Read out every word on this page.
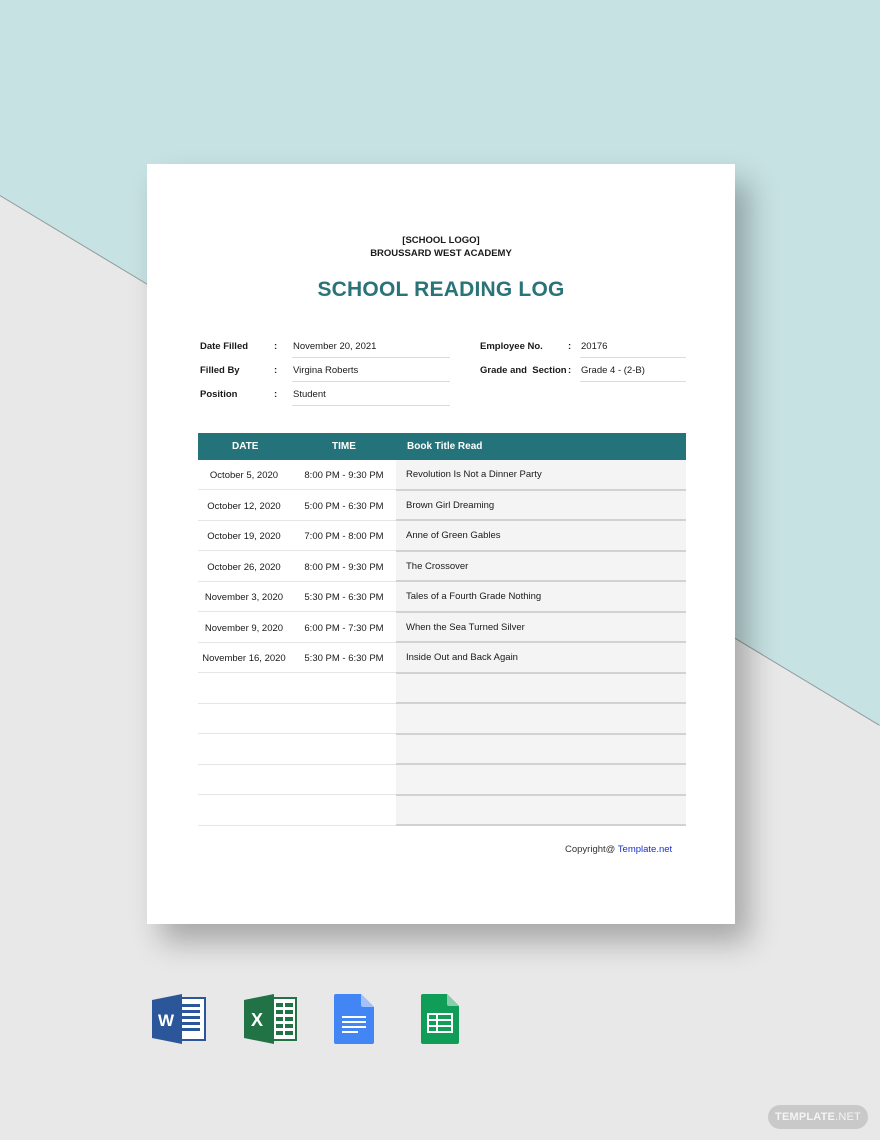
[SCHOOL LOGO]
BROUSSARD WEST ACADEMY
SCHOOL READING LOG
Date Filled	: November 20, 2021
Filled By	: Virgina Roberts
Position	: Student
Employee No.	: 20176
Grade and  Section : Grade 4 - (2-B)
DATE	TIME	Book Title Read
October 5, 2020	8:00 PM - 9:30 PM	Revolution Is Not a Dinner Party
October 12, 2020	5:00 PM - 6:30 PM	Brown Girl Dreaming
October 19, 2020	7:00 PM - 8:00 PM	Anne of Green Gables
October 26, 2020	8:00 PM - 9:30 PM	The Crossover
November 3, 2020	5:30 PM - 6:30 PM	Tales of a Fourth Grade Nothing
November 9, 2020	6:00 PM - 7:30 PM	When the Sea Turned Silver
November 16, 2020	5:30 PM - 6:30 PM	Inside Out and Back Again
Copyright@ Template.net
W	X
TEMPLATE.NET
